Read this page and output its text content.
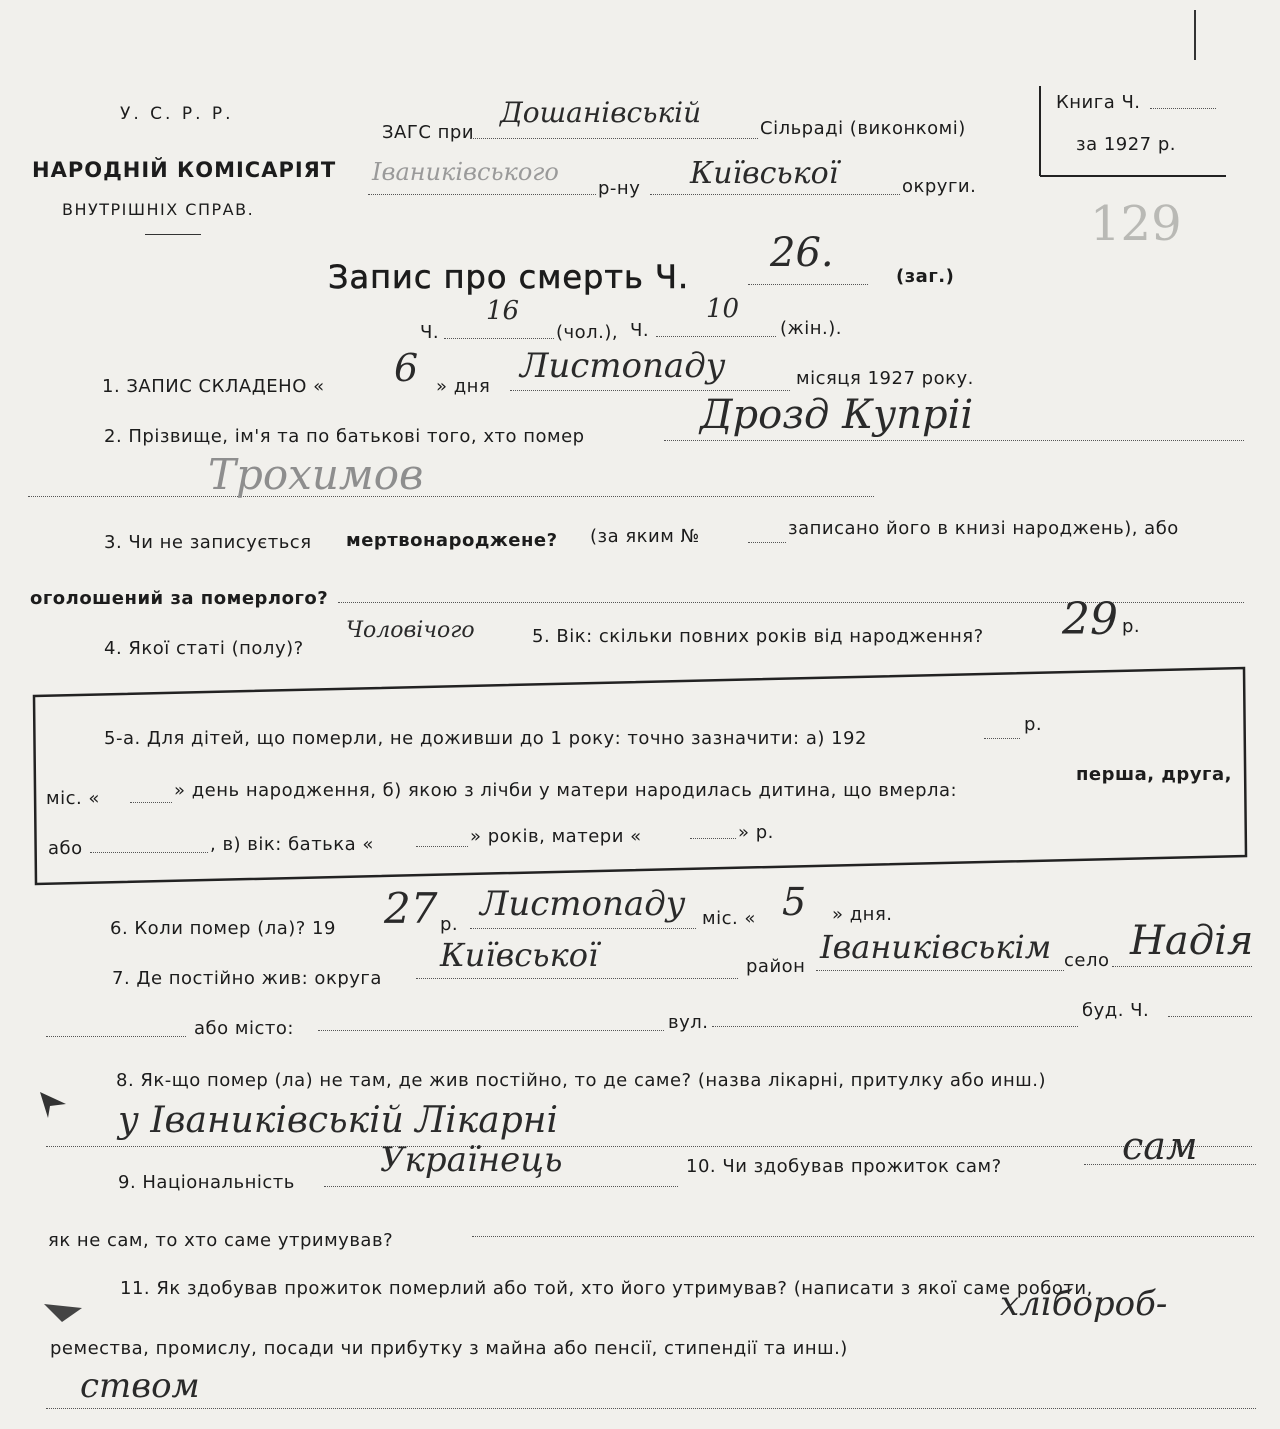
У. С. Р. Р.
НАРОДНІЙ КОМІСАРІЯТ
ВНУТРІШНІХ СПРАВ.
Книга Ч.
за 1927 р.
129
ЗАГС при
Дошанівській	Сільраді (виконкомі)
Іваниківського
р-ну Київської	округи.
Запис про смерть Ч.
26.
(заг.)
Ч.
16
(чол.), Ч.
10
(жін.).
1. ЗАПИС СКЛАДЕНО « 6 » дня
Листопаду	місяця 1927 року.
2. Прізвище, ім'я та по батькові того, хто помер	Дрозд Купріі
Трохимов
3. Чи не записується мертвонароджене? (за яким №	записано його в книзі народжень), або
оголошений за померлого?
4. Якої статі (полу)?
Чоловічого	5. Вік: скільки повних років від народження? 29 р.
5-а. Для дітей, що померли, не доживши до 1 року: точно зазначити: а) 192
р.
міс. «	» день народження, б) якою з лічби у матери народилась дитина, що вмерла:
перша, друга,
або	, в) вік: батька «	» років, матери «	» р.
6. Коли помер (ла)? 19 27 р.
Листопаду міс. « 5 » дня.
7. Де постійно жив: округа
Київської	район
Іваниківськім село Надія
або місто:	вул.
буд. Ч.
8. Як-що помер (ла) не там, де жив постійно, то де саме? (назва лікарні, притулку або инш.)
у Іваниківській Лікарні
9. Національність
Українець	10. Чи здобував прожиток сам?	сам
як не сам, то хто саме утримував?
11. Як здобував прожиток померлий або той, хто його утримував? (написати з якої саме роботи,
ремества, промислу, посади чи прибутку з майна або пенсії, стипендії та инш.)
хлібороб-
ством
